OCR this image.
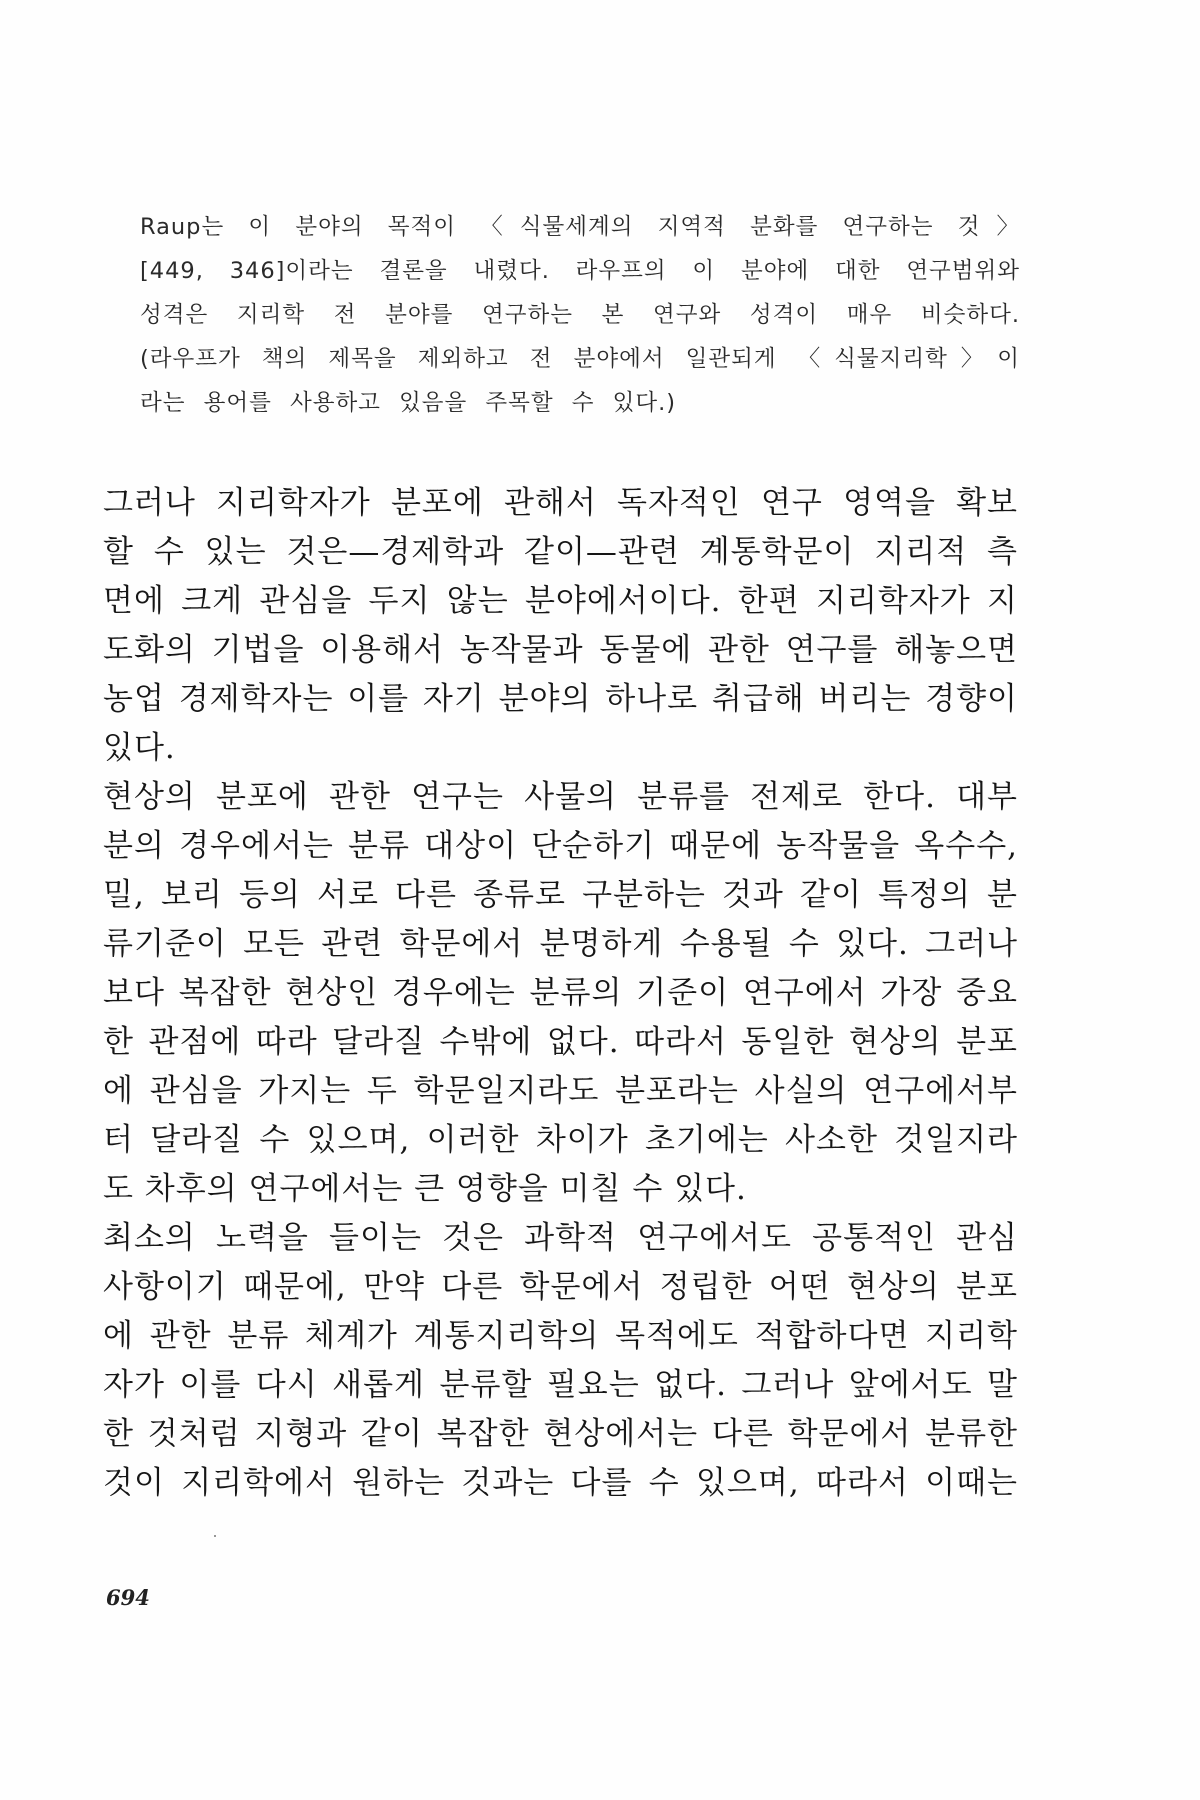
Raup는 이 분야의 목적이 〈식물세계의 지역적 분화를 연구하는 것〉
[449, 346]이라는 결론을 내렸다. 라우프의 이 분야에 대한 연구범위와
성격은 지리학 전 분야를 연구하는 본 연구와 성격이 매우 비슷하다.
(라우프가 책의 제목을 제외하고 전 분야에서 일관되게 〈식물지리학〉이
라는 용어를 사용하고 있음을 주목할 수 있다.)
그러나 지리학자가 분포에 관해서 독자적인 연구 영역을 확보
할 수 있는 것은—경제학과 같이—관련 계통학문이 지리적 측
면에 크게 관심을 두지 않는 분야에서이다. 한편 지리학자가 지
도화의 기법을 이용해서 농작물과 동물에 관한 연구를 해놓으면
농업 경제학자는 이를 자기 분야의 하나로 취급해 버리는 경향이
있다.
현상의 분포에 관한 연구는 사물의 분류를 전제로 한다. 대부
분의 경우에서는 분류 대상이 단순하기 때문에 농작물을 옥수수,
밀, 보리 등의 서로 다른 종류로 구분하는 것과 같이 특정의 분
류기준이 모든 관련 학문에서 분명하게 수용될 수 있다. 그러나
보다 복잡한 현상인 경우에는 분류의 기준이 연구에서 가장 중요
한 관점에 따라 달라질 수밖에 없다. 따라서 동일한 현상의 분포
에 관심을 가지는 두 학문일지라도 분포라는 사실의 연구에서부
터 달라질 수 있으며, 이러한 차이가 초기에는 사소한 것일지라
도 차후의 연구에서는 큰 영향을 미칠 수 있다.
최소의 노력을 들이는 것은 과학적 연구에서도 공통적인 관심
사항이기 때문에, 만약 다른 학문에서 정립한 어떤 현상의 분포
에 관한 분류 체계가 계통지리학의 목적에도 적합하다면 지리학
자가 이를 다시 새롭게 분류할 필요는 없다. 그러나 앞에서도 말
한 것처럼 지형과 같이 복잡한 현상에서는 다른 학문에서 분류한
것이 지리학에서 원하는 것과는 다를 수 있으며, 따라서 이때는
694
